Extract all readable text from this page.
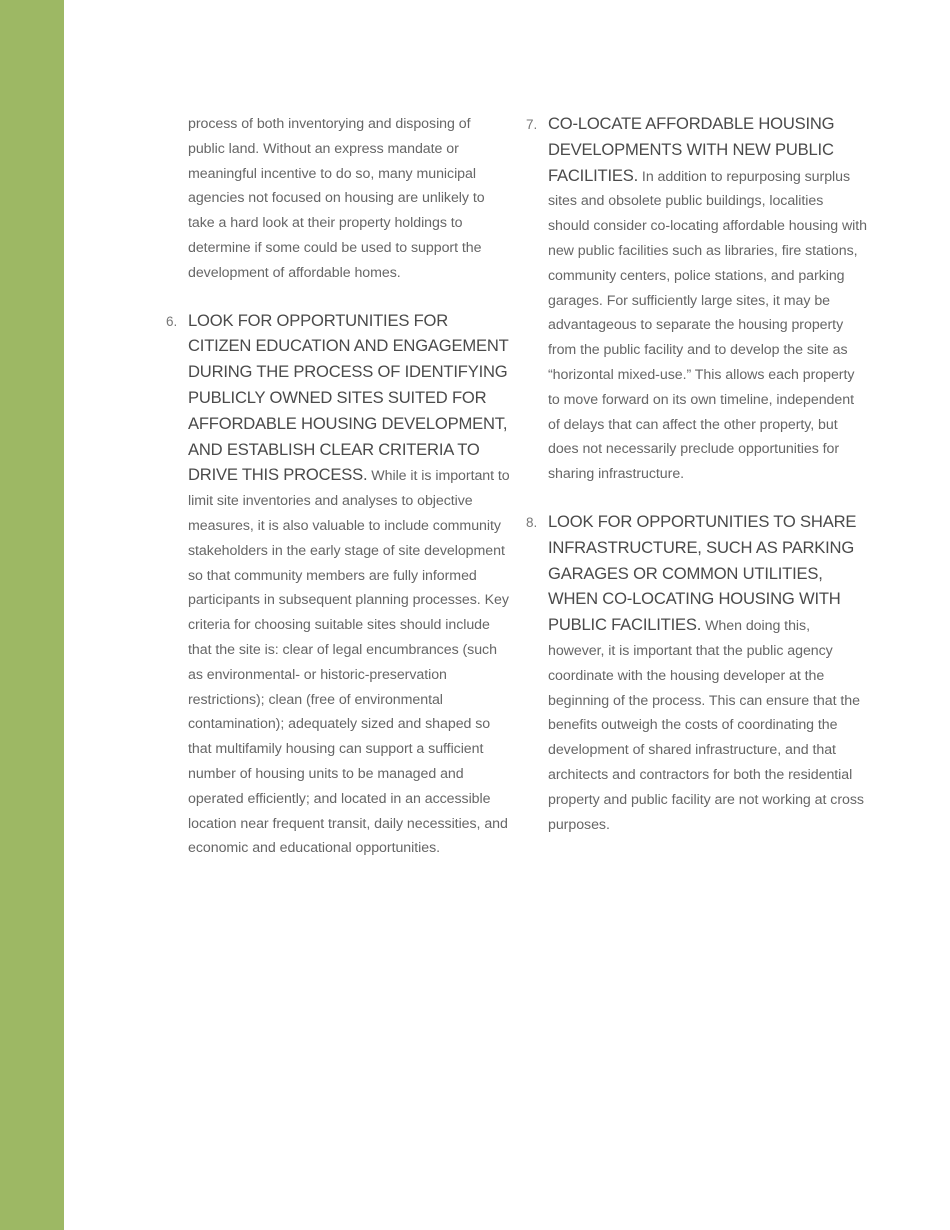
process of both inventorying and disposing of public land. Without an express mandate or meaningful incentive to do so, many municipal agencies not focused on housing are unlikely to take a hard look at their property holdings to determine if some could be used to support the development of affordable homes.

6. LOOK FOR OPPORTUNITIES FOR CITIZEN EDUCATION AND ENGAGEMENT DURING THE PROCESS OF IDENTIFYING PUBLICLY OWNED SITES SUITED FOR AFFORDABLE HOUSING DEVELOPMENT, AND ESTABLISH CLEAR CRITERIA TO DRIVE THIS PROCESS. While it is important to limit site inventories and analyses to objective measures, it is also valuable to include community stakeholders in the early stage of site development so that community members are fully informed participants in subsequent planning processes. Key criteria for choosing suitable sites should include that the site is: clear of legal encumbrances (such as environmental- or historic-preservation restrictions); clean (free of environmental contamination); adequately sized and shaped so that multifamily housing can support a sufficient number of housing units to be managed and operated efficiently; and located in an accessible location near frequent transit, daily necessities, and economic and educational opportunities.
7. CO-LOCATE AFFORDABLE HOUSING DEVELOPMENTS WITH NEW PUBLIC FACILITIES. In addition to repurposing surplus sites and obsolete public buildings, localities should consider co-locating affordable housing with new public facilities such as libraries, fire stations, community centers, police stations, and parking garages. For sufficiently large sites, it may be advantageous to separate the housing property from the public facility and to develop the site as “horizontal mixed-use.” This allows each property to move forward on its own timeline, independent of delays that can affect the other property, but does not necessarily preclude opportunities for sharing infrastructure.
8. LOOK FOR OPPORTUNITIES TO SHARE INFRASTRUCTURE, SUCH AS PARKING GARAGES OR COMMON UTILITIES, WHEN CO-LOCATING HOUSING WITH PUBLIC FACILITIES. When doing this, however, it is important that the public agency coordinate with the housing developer at the beginning of the process. This can ensure that the benefits outweigh the costs of coordinating the development of shared infrastructure, and that architects and contractors for both the residential property and public facility are not working at cross purposes.
